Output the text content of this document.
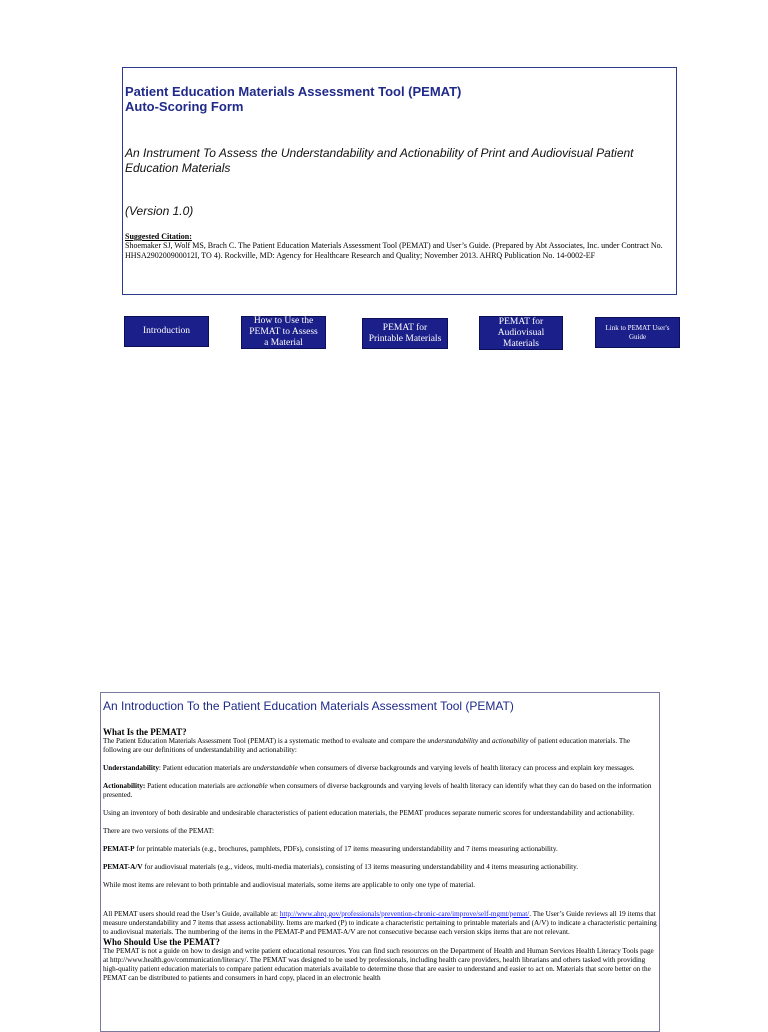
Patient Education Materials Assessment Tool (PEMAT)
Auto-Scoring Form

An Instrument To Assess the Understandability and Actionability of Print and Audiovisual Patient Education Materials

(Version 1.0)

Suggested Citation:
Shoemaker SJ, Wolf MS, Brach C. The Patient Education Materials Assessment Tool (PEMAT) and User’s Guide. (Prepared by Abt Associates, Inc. under Contract No. HHSA290200900012I, TO 4). Rockville, MD: Agency for Healthcare Research and Quality; November 2013. AHRQ Publication No. 14-0002-EF
Introduction
How to Use the PEMAT to Assess a Material
PEMAT for Printable Materials
PEMAT for Audiovisual Materials
Link to PEMAT User's Guide
An Introduction To the Patient Education Materials Assessment Tool (PEMAT)
What Is the PEMAT?

The Patient Education Materials Assessment Tool (PEMAT) is a systematic method to evaluate and compare the understandability and actionability of patient education materials. The following are our definitions of understandability and actionability:

Understandability: Patient education materials are understandable when consumers of diverse backgrounds and varying levels of health literacy can process and explain key messages.

Actionability: Patient education materials are actionable when consumers of diverse backgrounds and varying levels of health literacy can identify what they can do based on the information presented.

Using an inventory of both desirable and undesirable characteristics of patient education materials, the PEMAT produces separate numeric scores for understandability and actionability.

There are two versions of the PEMAT:

PEMAT-P for printable materials (e.g., brochures, pamphlets, PDFs), consisting of 17 items measuring understandability and 7 items measuring actionability.

PEMAT-A/V for audiovisual materials (e.g., videos, multi-media materials), consisting of 13 items measuring understandability and 4 items measuring actionability.

While most items are relevant to both printable and audiovisual materials, some items are applicable to only one type of material.

All PEMAT users should read the User’s Guide, available at: http://www.ahrq.gov/professionals/prevention-chronic-care/improve/self-mgmt/pemat/. The User’s Guide reviews all 19 items that measure understandability and 7 items that assess actionability. Items are marked (P) to indicate a characteristic pertaining to printable materials and (A/V) to indicate a characteristic pertaining to audiovisual materials. The numbering of the items in the PEMAT-P and PEMAT-A/V are not consecutive because each version skips items that are not relevant.

Who Should Use the PEMAT?

The PEMAT is not a guide on how to design and write patient educational resources. You can find such resources on the Department of Health and Human Services Health Literacy Tools page at http://www.health.gov/communication/literacy/. The PEMAT was designed to be used by professionals, including health care providers, health librarians and others tasked with providing high-quality patient education materials to compare patient education materials available to determine those that are easier to understand and easier to act on. Materials that score better on the PEMAT can be distributed to patients and consumers in hard copy, placed in an electronic health
